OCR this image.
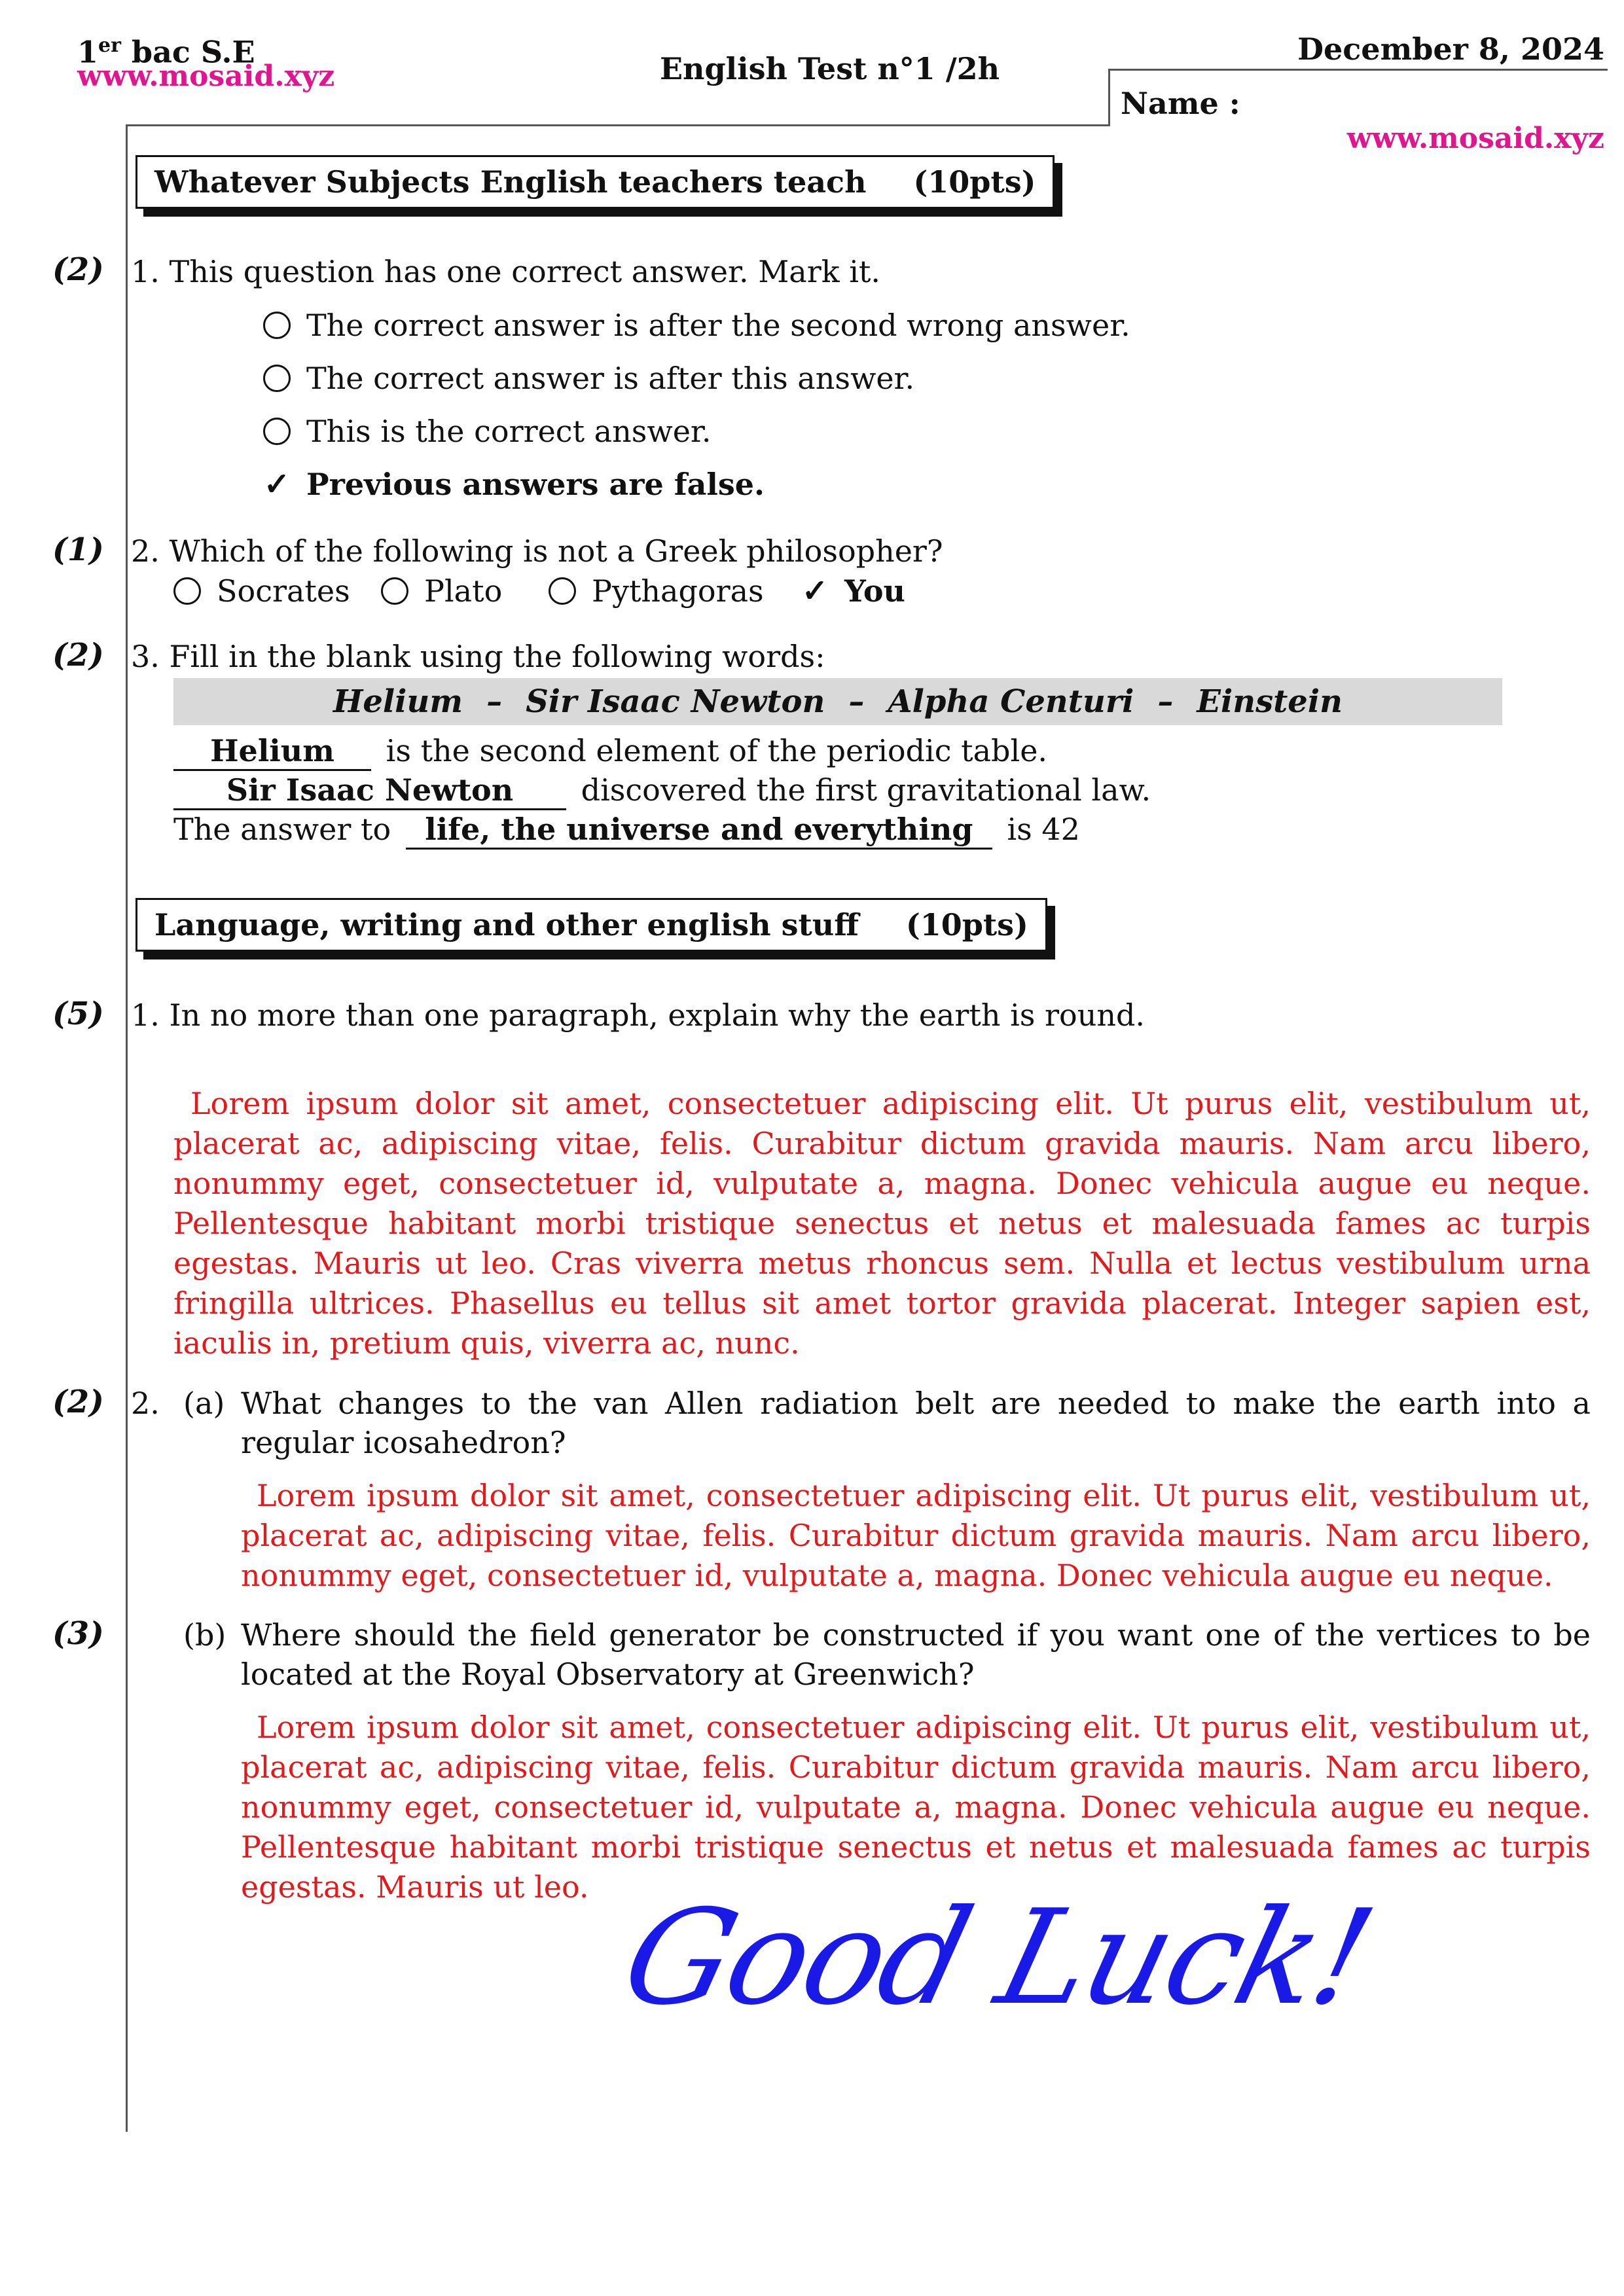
1er bac S.E
www.mosaid.xyz	English Test n°1 /2h
December 8, 2024
Name :
www.mosaid.xyz
Whatever Subjects English teachers teach (10pts)
(2) 1. This question has one correct answer. Mark it.
The correct answer is after the second wrong answer.
The correct answer is after this answer.
This is the correct answer.
✓ Previous answers are false.
(1) 2. Which of the following is not a Greek philosopher?
Socrates Plato	Pythagoras ✓ You
(2) 3. Fill in the blank using the following words:
Helium – Sir Isaac Newton – Alpha Centuri – Einstein
Helium is the second element of the periodic table.
Sir Isaac Newton discovered the first gravitational law.
The answer to life, the universe and everything is 42
Language, writing and other english stuff (10pts)
(5) 1. In no more than one paragraph, explain why the earth is round.
Lorem ipsum dolor sit amet, consectetuer adipiscing elit. Ut purus elit, vestibulum ut, placerat ac, adipiscing vitae, felis. Curabitur dictum gravida mauris. Nam arcu libero, nonummy eget, consectetuer id, vulputate a, magna. Donec vehicula augue eu neque. Pellentesque habitant morbi tristique senectus et netus et malesuada fames ac turpis egestas. Mauris ut leo. Cras viverra metus rhoncus sem. Nulla et lectus vestibulum urna fringilla ultrices. Phasellus eu tellus sit amet tortor gravida placerat. Integer sapien est, iaculis in, pretium quis, viverra ac, nunc.
(2) 2. (a) What changes to the van Allen radiation belt are needed to make the earth into a regular icosahedron?
Lorem ipsum dolor sit amet, consectetuer adipiscing elit. Ut purus elit, vestibulum ut, placerat ac, adipiscing vitae, felis. Curabitur dictum gravida mauris. Nam arcu libero, nonummy eget, consectetuer id, vulputate a, magna. Donec vehicula augue eu neque.
(3)	(b) Where should the field generator be constructed if you want one of the vertices to be located at the Royal Observatory at Greenwich?
Lorem ipsum dolor sit amet, consectetuer adipiscing elit. Ut purus elit, vestibulum ut, placerat ac, adipiscing vitae, felis. Curabitur dictum gravida mauris. Nam arcu libero, nonummy eget, consectetuer id, vulputate a, magna. Donec vehicula augue eu neque. Pellentesque habitant morbi tristique senectus et netus et malesuada fames ac turpis egestas. Mauris ut leo. Good Luck!
